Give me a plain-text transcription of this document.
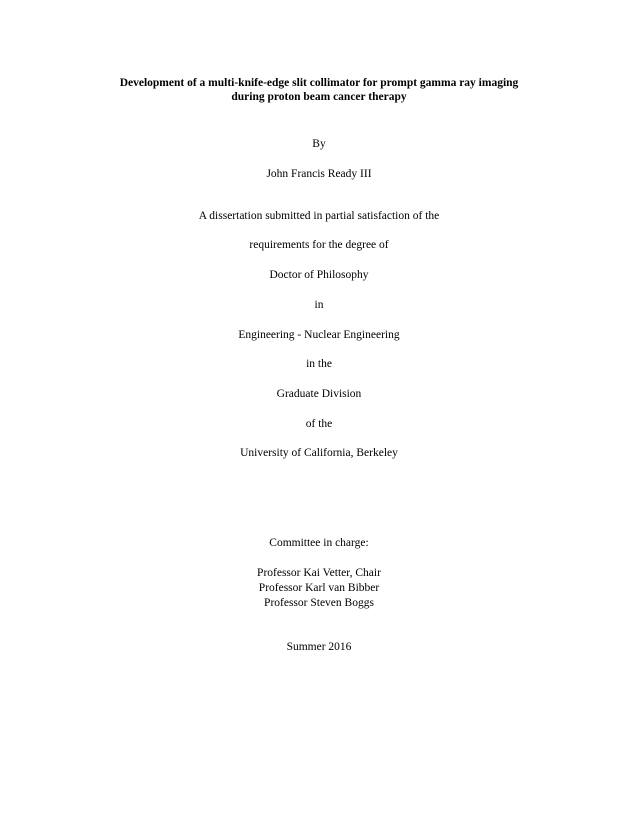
Development of a multi-knife-edge slit collimator for prompt gamma ray imaging
during proton beam cancer therapy
By
John Francis Ready III
A dissertation submitted in partial satisfaction of the
requirements for the degree of
Doctor of Philosophy
in
Engineering - Nuclear Engineering
in the
Graduate Division
of the
University of California, Berkeley
Committee in charge:
Professor Kai Vetter, Chair
Professor Karl van Bibber
Professor Steven Boggs
Summer 2016
